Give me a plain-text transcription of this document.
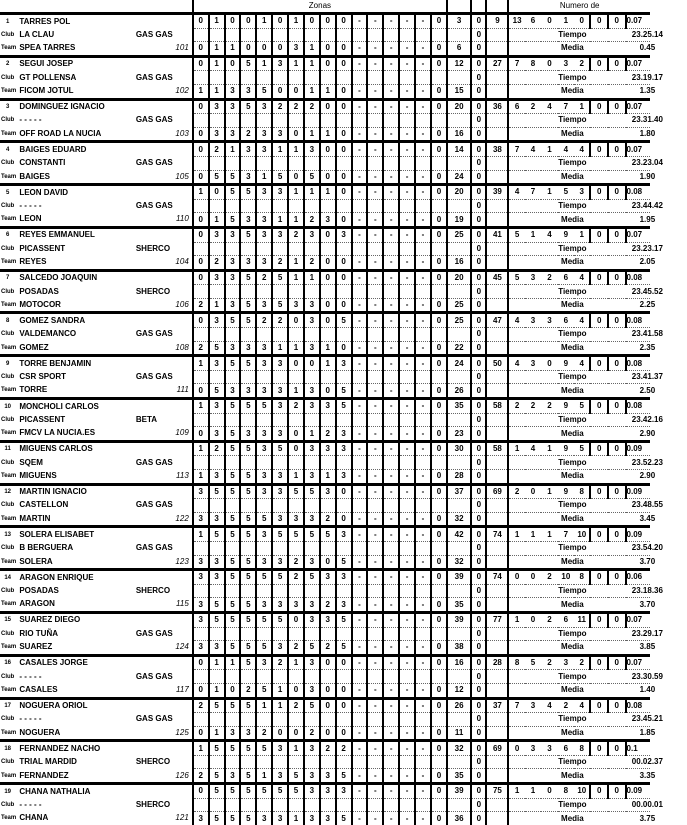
				Zonas																			Numero de							
1	TARRES POL			0	1	0	0	1	0	1	0	0	0	-	-	-	-	-	0	3	0	9	13	6	0	1	0	0	0	0.07
Club	LA CLAU	GAS GAS																			0		Tiempo 23.25.14							
Team	SPEA TARRES		101	0	1	1	0	0	0	3	1	0	0	-	-	-	-	-	0	6	0		Media 0.45							
2	SEGUI JOSEP			0	1	0	5	1	3	1	1	0	0	-	-	-	-	-	0	12	0	27	7	8	0	3	2	0	0	0.07
Club	GT POLLENSA	GAS GAS																			0		Tiempo 23.19.17							
Team	FICOM JOTUL		102	1	1	3	3	5	0	0	1	1	0	-	-	-	-	-	0	15	0		Media 1.35							
3	DOMINGUEZ IGNACIO			0	3	3	5	3	2	2	2	0	0	-	-	-	-	-	0	20	0	36	6	2	4	7	1	0	0	0.07
Club	- - - - -	GAS GAS																			0		Tiempo 23.31.40							
Team	OFF ROAD LA NUCIA		103	0	3	3	2	3	3	0	1	1	0	-	-	-	-	-	0	16	0		Media 1.80							
4	BAIGES EDUARD			0	2	1	3	3	1	1	3	0	0	-	-	-	-	-	0	14	0	38	7	4	1	4	4	0	0	0.07
Club	CONSTANTI	GAS GAS																			0		Tiempo 23.23.04							
Team	BAIGES		105	0	5	5	3	1	5	0	5	0	0	-	-	-	-	-	0	24	0		Media 1.90							
5	LEON DAVID			1	0	5	5	3	3	1	1	1	0	-	-	-	-	-	0	20	0	39	4	7	1	5	3	0	0	0.08
Club	- - - - -	GAS GAS																			0		Tiempo 23.44.42							
Team	LEON		110	0	1	5	3	3	1	1	2	3	0	-	-	-	-	-	0	19	0		Media 1.95							
6	REYES EMMANUEL			0	3	3	5	3	3	2	3	0	3	-	-	-	-	-	0	25	0	41	5	1	4	9	1	0	0	0.07
Club	PICASSENT	SHERCO																			0		Tiempo 23.23.17							
Team	REYES		104	0	2	3	3	3	2	1	2	0	0	-	-	-	-	-	0	16	0		Media 2.05							
7	SALCEDO JOAQUIN			0	3	3	5	2	5	1	1	0	0	-	-	-	-	-	0	20	0	45	5	3	2	6	4	0	0	0.08
Club	POSADAS	SHERCO																			0		Tiempo 23.45.52							
Team	MOTOCOR		106	2	1	3	5	3	5	3	3	0	0	-	-	-	-	-	0	25	0		Media 2.25							
8	GOMEZ SANDRA			0	3	5	5	2	2	0	3	0	5	-	-	-	-	-	0	25	0	47	4	3	3	6	4	0	0	0.08
Club	VALDEMANCO	GAS GAS																			0		Tiempo 23.41.58							
Team	GOMEZ		108	2	5	3	3	3	1	1	3	1	0	-	-	-	-	-	0	22	0		Media 2.35							
9	TORRE BENJAMIN			1	3	5	5	3	3	0	0	1	3	-	-	-	-	-	0	24	0	50	4	3	0	9	4	0	0	0.08
Club	CSR SPORT	GAS GAS																			0		Tiempo 23.41.37							
Team	TORRE		111	0	5	3	3	3	3	1	3	0	5	-	-	-	-	-	0	26	0		Media 2.50							
10	MONCHOLI CARLOS			1	3	5	5	5	3	2	3	3	5	-	-	-	-	-	0	35	0	58	2	2	2	9	5	0	0	0.08
Club	PICASSENT	BETA																			0		Tiempo 23.42.16							
Team	FMCV LA NUCIA.ES		109	0	3	5	3	3	3	0	1	2	3	-	-	-	-	-	0	23	0		Media 2.90							
11	MIGUENS CARLOS			1	2	5	5	3	5	0	3	3	3	-	-	-	-	-	0	30	0	58	1	4	1	9	5	0	0	0.09
Club	SQEM	GAS GAS																			0		Tiempo 23.52.23							
Team	MIGUENS		113	1	3	5	5	3	3	1	3	1	3	-	-	-	-	-	0	28	0		Media 2.90							
12	MARTIN IGNACIO			3	5	5	5	3	3	5	5	3	0	-	-	-	-	-	0	37	0	69	2	0	1	9	8	0	0	0.09
Club	CASTELLON	GAS GAS																			0		Tiempo 23.48.55							
Team	MARTIN		122	3	3	5	5	5	3	3	3	2	0	-	-	-	-	-	0	32	0		Media 3.45							
13	SOLERA ELISABET			1	5	5	5	3	5	5	5	5	3	-	-	-	-	-	0	42	0	74	1	1	1	7	10	0	0	0.09
Club	B BERGUERA	GAS GAS																			0		Tiempo 23.54.20							
Team	SOLERA		123	3	3	5	5	3	3	2	3	0	5	-	-	-	-	-	0	32	0		Media 3.70							
14	ARAGON ENRIQUE			3	3	5	5	5	5	2	5	3	3	-	-	-	-	-	0	39	0	74	0	0	2	10	8	0	0	0.06
Club	POSADAS	SHERCO																			0		Tiempo 23.18.36							
Team	ARAGON		115	3	5	5	5	3	3	3	3	2	3	-	-	-	-	-	0	35	0		Media 3.70							
15	SUAREZ DIEGO			3	5	5	5	5	5	0	3	3	5	-	-	-	-	-	0	39	0	77	1	0	2	6	11	0	0	0.07
Club	RIO TUÑA	GAS GAS																			0		Tiempo 23.29.17							
Team	SUAREZ		124	3	3	5	5	5	3	2	5	2	5	-	-	-	-	-	0	38	0		Media 3.85							
16	CASALES JORGE			0	1	1	5	3	2	1	3	0	0	-	-	-	-	-	0	16	0	28	8	5	2	3	2	0	0	0.07
Club	- - - - -	GAS GAS																			0		Tiempo 23.30.59							
Team	CASALES		117	0	1	0	2	5	1	0	3	0	0	-	-	-	-	-	0	12	0		Media 1.40							
17	NOGUERA ORIOL			2	5	5	5	1	1	2	5	0	0	-	-	-	-	-	0	26	0	37	7	3	4	2	4	0	0	0.08
Club	- - - - -	GAS GAS																			0		Tiempo 23.45.21							
Team	NOGUERA		125	0	1	3	3	2	0	0	2	0	0	-	-	-	-	-	0	11	0		Media 1.85							
18	FERNANDEZ NACHO			1	5	5	5	5	3	1	3	2	2	-	-	-	-	-	0	32	0	69	0	3	3	6	8	0	0	0.1
Club	TRIAL MARDID	SHERCO																			0		Tiempo 00.02.37							
Team	FERNANDEZ		126	2	5	3	5	1	3	5	3	3	5	-	-	-	-	-	0	35	0		Media 3.35							
19	CHANA NATHALIA			0	5	5	5	5	5	5	3	3	3	-	-	-	-	-	0	39	0	75	1	1	0	8	10	0	0	0.09
Club	- - - - -	SHERCO																			0		Tiempo 00.00.01							
Team	CHANA		121	3	5	5	5	3	3	1	3	3	5	-	-	-	-	-	0	36	0		Media 3.75							
